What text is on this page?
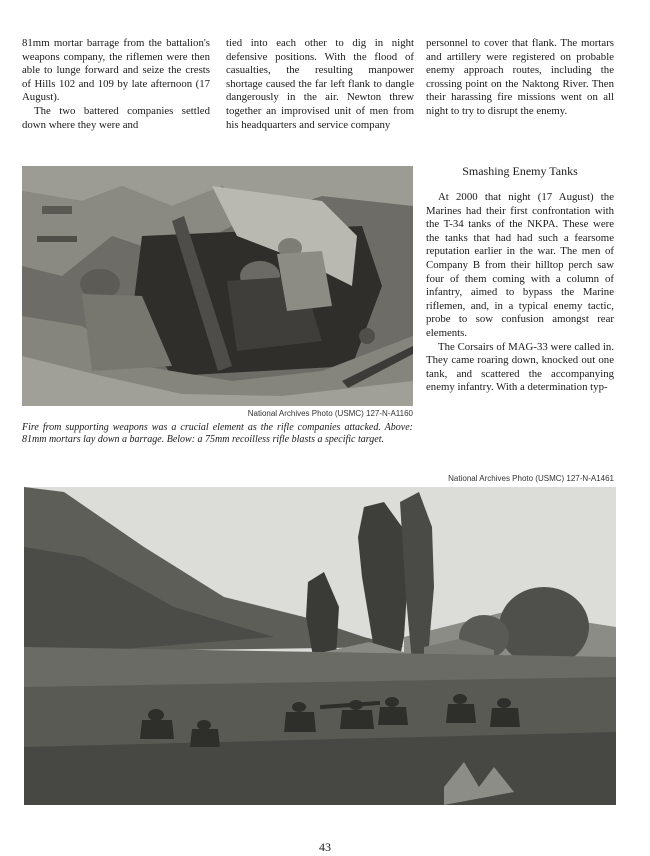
81mm mortar barrage from the battalion's weapons company, the riflemen were then able to lunge forward and seize the crests of Hills 102 and 109 by late afternoon (17 August).

The two battered companies settled down where they were and

tied into each other to dig in night defensive positions. With the flood of casualties, the resulting manpower shortage caused the far left flank to dangle dangerously in the air. Newton threw together an improvised unit of men from his headquarters and service company

personnel to cover that flank. The mortars and artillery were registered on probable enemy approach routes, including the crossing point on the Naktong River. Then their harassing fire missions went on all night to try to disrupt the enemy.

Smashing Enemy Tanks

At 2000 that night (17 August) the Marines had their first confrontation with the T-34 tanks of the NKPA. These were the tanks that had had such a fearsome reputation earlier in the war. The men of Company B from their hilltop perch saw four of them coming with a column of infantry, aimed to bypass the Marine riflemen, and, in a typical enemy tactic, probe to sow confusion amongst rear elements.

The Corsairs of MAG-33 were called in. They came roaring down, knocked out one tank, and scattered the accompanying enemy infantry. With a determination typ-

National Archives Photo (USMC) 127-N-A1160
Fire from supporting weapons was a crucial element as the rifle companies attacked. Above: 81mm mortars lay down a barrage. Below: a 75mm recoilless rifle blasts a specific target.
National Archives Photo (USMC) 127-N-A1461
43
